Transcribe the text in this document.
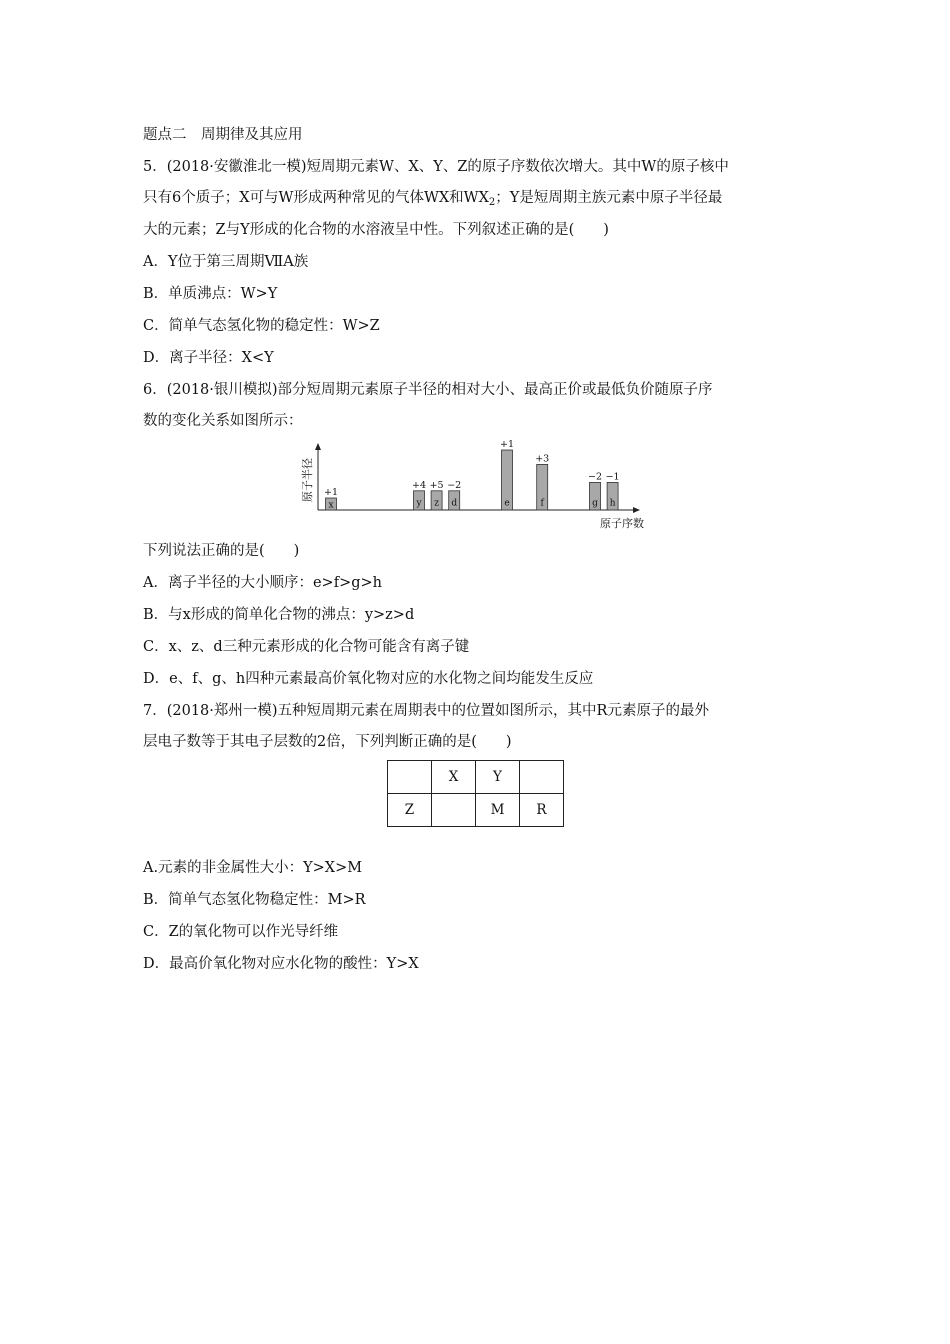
题点二　周期律及其应用
5．(2018·安徽淮北一模)短周期元素W、X、Y、Z的原子序数依次增大。其中W的原子核中
只有6个质子；X可与W形成两种常见的气体WX和$WX_2$；Y是短周期主族元素中原子半径最
大的元素；Z与Y形成的化合物的水溶液呈中性。下列叙述正确的是(　　)
A．Y位于第三周期ⅦA族
B．单质沸点：W>Y
C．简单气态氢化物的稳定性：W>Z
D．离子半径：X<Y
6．(2018·银川模拟)部分短周期元素原子半径的相对大小、最高正价或最低负价随原子序
数的变化关系如图所示：
原子半径
原子序数
x
+1
y
+4
z
+5
d
−2
e
+1
f
+3
g
−2
h
−1
下列说法正确的是(　　)
A．离子半径的大小顺序：e>f>g>h
B．与x形成的简单化合物的沸点：y>z>d
C．x、z、d三种元素形成的化合物可能含有离子键
D．e、f、g、h四种元素最高价氧化物对应的水化物之间均能发生反应
7．(2018·郑州一模)五种短周期元素在周期表中的位置如图所示，其中R元素原子的最外
层电子数等于其电子层数的2倍，下列判断正确的是(　　)
	X	Y	
Z		M	R
A.元素的非金属性大小：Y>X>M
B．简单气态氢化物稳定性：M>R
C．Z的氧化物可以作光导纤维
D．最高价氧化物对应水化物的酸性：Y>X
